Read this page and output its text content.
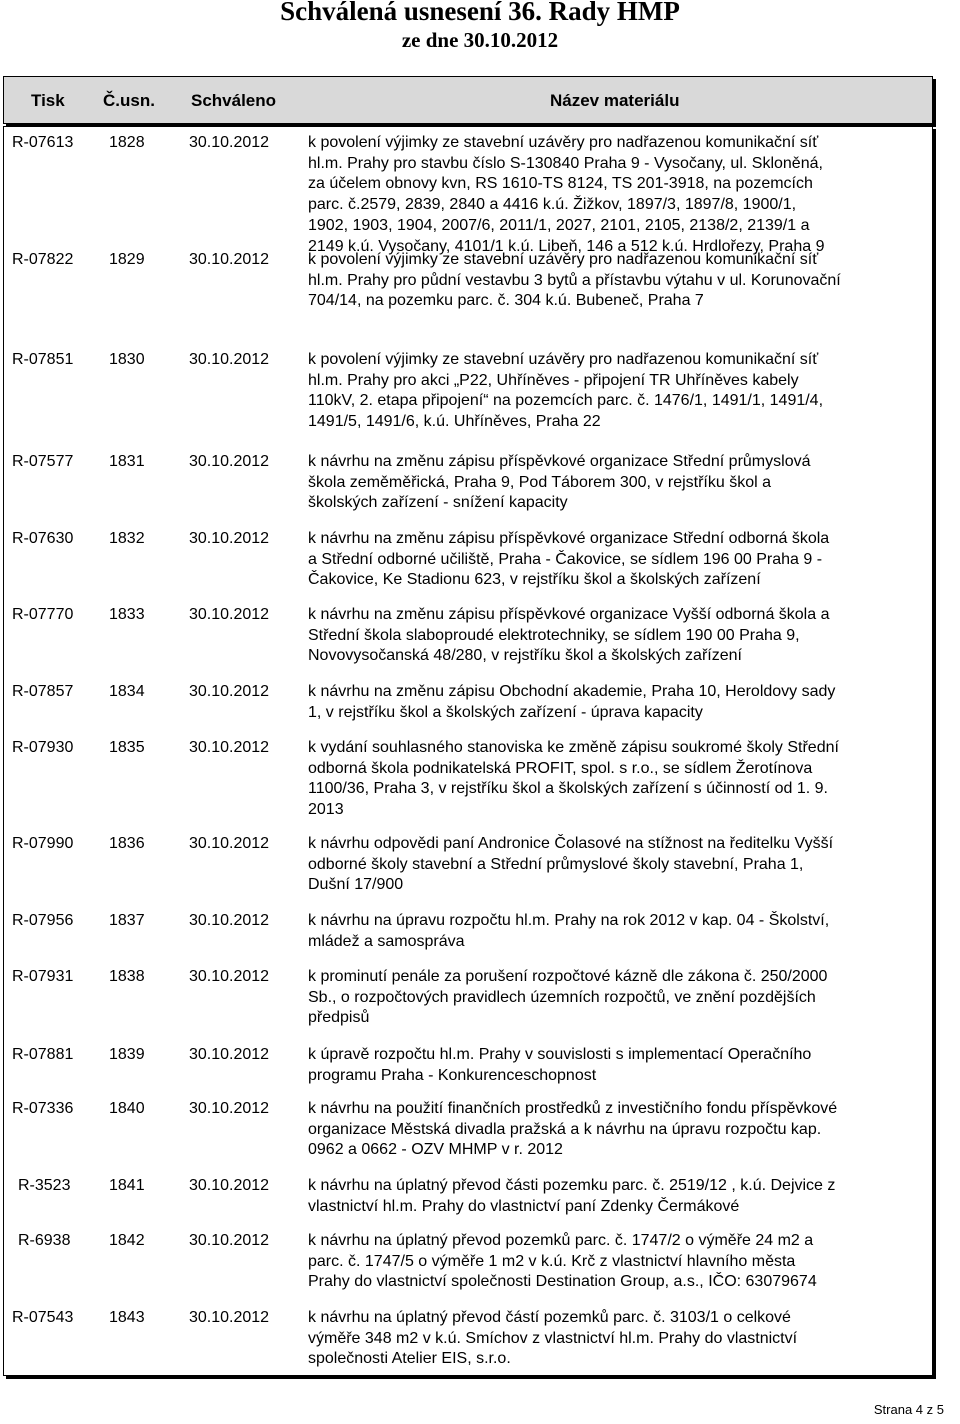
Schválená usnesení 36. Rady HMP
ze dne 30.10.2012
Tisk Č.usn. Schváleno	Název materiálu
R-07613 1828	30.10.2012 k povolení výjimky ze stavební uzávěry pro nadřazenou komunikační síť
hl.m. Prahy pro stavbu číslo S-130840 Praha 9 - Vysočany, ul. Skloněná,
za účelem obnovy kvn, RS 1610-TS 8124, TS 201-3918, na pozemcích
parc. č.2579, 2839, 2840 a 4416 k.ú. Žižkov, 1897/3, 1897/8, 1900/1,
1902, 1903, 1904, 2007/6, 2011/1, 2027, 2101, 2105, 2138/2, 2139/1 a
2149 k.ú. Vysočany, 4101/1 k.ú. Libeň, 146 a 512 k.ú. Hrdlořezy, Praha 9
R-07822 1829	30.10.2012 k povolení výjimky ze stavební uzávěry pro nadřazenou komunikační síť
hl.m. Prahy pro půdní vestavbu 3 bytů a přístavbu výtahu v ul. Korunovační
704/14, na pozemku parc. č. 304 k.ú. Bubeneč, Praha 7
R-07851 1830	30.10.2012 k povolení výjimky ze stavební uzávěry pro nadřazenou komunikační síť
hl.m. Prahy pro akci „P22, Uhříněves - připojení TR Uhříněves kabely
110kV, 2. etapa připojení“ na pozemcích parc. č. 1476/1, 1491/1, 1491/4,
1491/5, 1491/6, k.ú. Uhříněves, Praha 22
R-07577 1831	30.10.2012 k návrhu na změnu zápisu příspěvkové organizace Střední průmyslová
škola zeměměřická, Praha 9, Pod Táborem 300, v rejstříku škol a
školských zařízení - snížení kapacity
R-07630 1832	30.10.2012 k návrhu na změnu zápisu příspěvkové organizace Střední odborná škola
a Střední odborné učiliště, Praha - Čakovice, se sídlem 196 00 Praha 9 -
Čakovice, Ke Stadionu 623, v rejstříku škol a školských zařízení
R-07770 1833	30.10.2012 k návrhu na změnu zápisu příspěvkové organizace Vyšší odborná škola a
Střední škola slaboproudé elektrotechniky, se sídlem 190 00 Praha 9,
Novovysočanská 48/280, v rejstříku škol a školských zařízení
R-07857 1834	30.10.2012 k návrhu na změnu zápisu Obchodní akademie, Praha 10, Heroldovy sady
1, v rejstříku škol a školských zařízení - úprava kapacity
R-07930 1835	30.10.2012 k vydání souhlasného stanoviska ke změně zápisu soukromé školy Střední
odborná škola podnikatelská PROFIT, spol. s r.o., se sídlem Žerotínova
1100/36, Praha 3, v rejstříku škol a školských zařízení s účinností od 1. 9.
2013
R-07990 1836	30.10.2012 k návrhu odpovědi paní Andronice Čolasové na stížnost na ředitelku Vyšší
odborné školy stavební a Střední průmyslové školy stavební, Praha 1,
Dušní 17/900
R-07956 1837	30.10.2012 k návrhu na úpravu rozpočtu hl.m. Prahy na rok 2012 v kap. 04 - Školství,
mládež a samospráva
R-07931 1838	30.10.2012 k prominutí penále za porušení rozpočtové kázně dle zákona č. 250/2000
Sb., o rozpočtových pravidlech územních rozpočtů, ve znění pozdějších
předpisů
R-07881 1839	30.10.2012 k úpravě rozpočtu hl.m. Prahy v souvislosti s implementací Operačního
programu Praha - Konkurenceschopnost
R-07336 1840	30.10.2012 k návrhu na použití finančních prostředků z investičního fondu příspěvkové
organizace Městská divadla pražská a k návrhu na úpravu rozpočtu kap.
0962 a 0662 - OZV MHMP v r. 2012
R-3523 1841	30.10.2012 k návrhu na úplatný převod části pozemku parc. č. 2519/12 , k.ú. Dejvice z
vlastnictví hl.m. Prahy do vlastnictví paní Zdenky Čermákové
R-6938 1842	30.10.2012 k návrhu na úplatný převod pozemků parc. č. 1747/2 o výměře 24 m2 a
parc. č. 1747/5 o výměře 1 m2 v k.ú. Krč z vlastnictví hlavního města
Prahy do vlastnictví společnosti Destination Group, a.s., IČO: 63079674
R-07543 1843	30.10.2012 k návrhu na úplatný převod částí pozemků parc. č. 3103/1 o celkové
výměře 348 m2 v k.ú. Smíchov z vlastnictví hl.m. Prahy do vlastnictví
společnosti Atelier EIS, s.r.o.
Strana 4 z 5
